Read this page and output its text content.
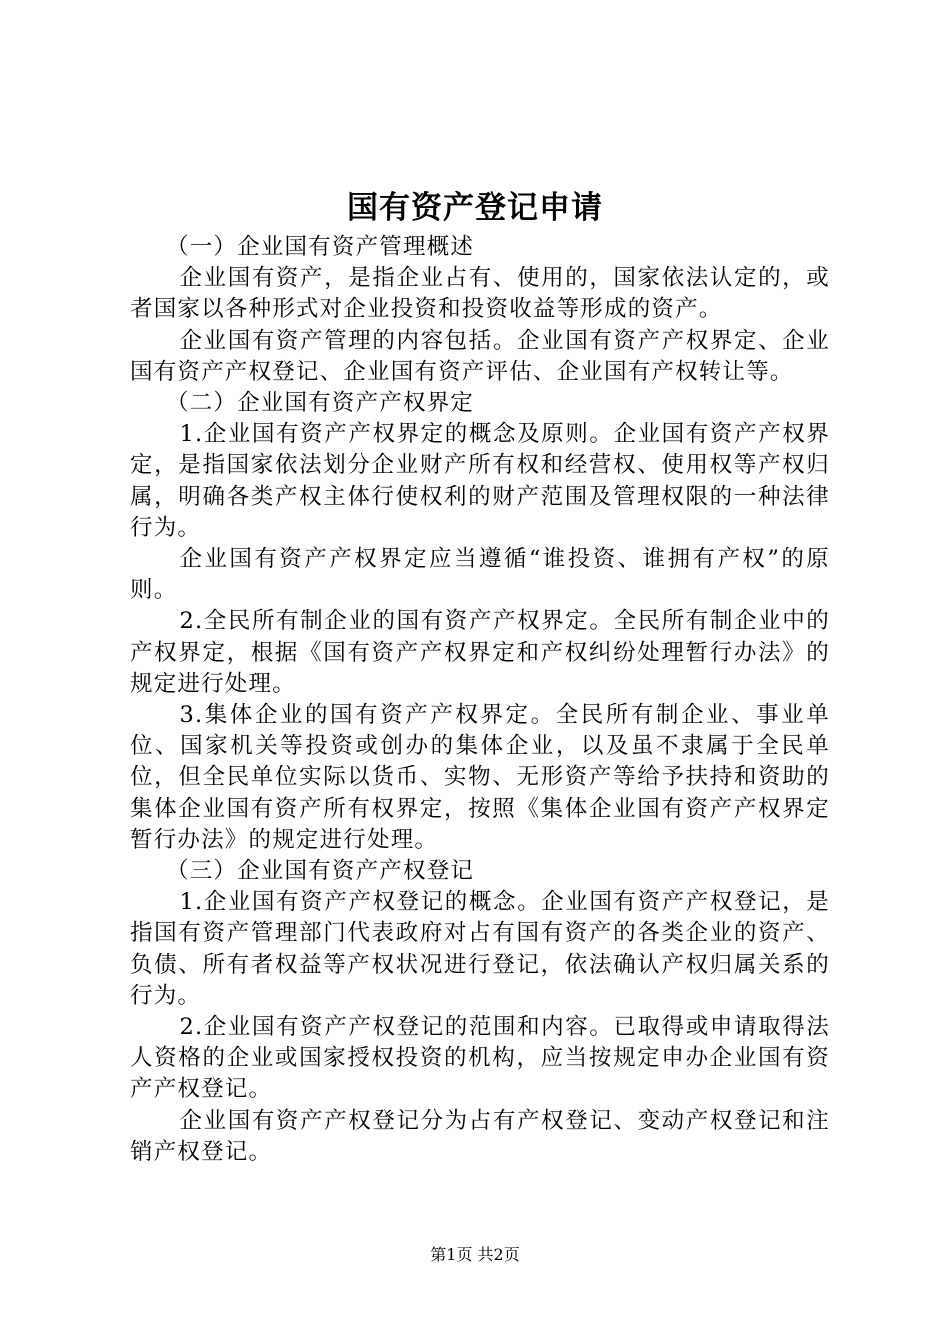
国有资产登记申请

（一）企业国有资产管理概述

企业国有资产，是指企业占有、使用的，国家依法认定的，或者国家以各种形式对企业投资和投资收益等形成的资产。

企业国有资产管理的内容包括。企业国有资产产权界定、企业国有资产产权登记、企业国有资产评估、企业国有产权转让等。

（二）企业国有资产产权界定

1.企业国有资产产权界定的概念及原则。企业国有资产产权界定，是指国家依法划分企业财产所有权和经营权、使用权等产权归属，明确各类产权主体行使权利的财产范围及管理权限的一种法律行为。

企业国有资产产权界定应当遵循“谁投资、谁拥有产权”的原则。

2.全民所有制企业的国有资产产权界定。全民所有制企业中的产权界定，根据《国有资产产权界定和产权纠纷处理暂行办法》的规定进行处理。

3.集体企业的国有资产产权界定。全民所有制企业、事业单位、国家机关等投资或创办的集体企业，以及虽不隶属于全民单位，但全民单位实际以货币、实物、无形资产等给予扶持和资助的集体企业国有资产所有权界定，按照《集体企业国有资产产权界定暂行办法》的规定进行处理。

（三）企业国有资产产权登记

1.企业国有资产产权登记的概念。企业国有资产产权登记，是指国有资产管理部门代表政府对占有国有资产的各类企业的资产、负债、所有者权益等产权状况进行登记，依法确认产权归属关系的行为。

2.企业国有资产产权登记的范围和内容。已取得或申请取得法人资格的企业或国家授权投资的机构，应当按规定申办企业国有资产产权登记。

企业国有资产产权登记分为占有产权登记、变动产权登记和注销产权登记。

第1页 共2页
